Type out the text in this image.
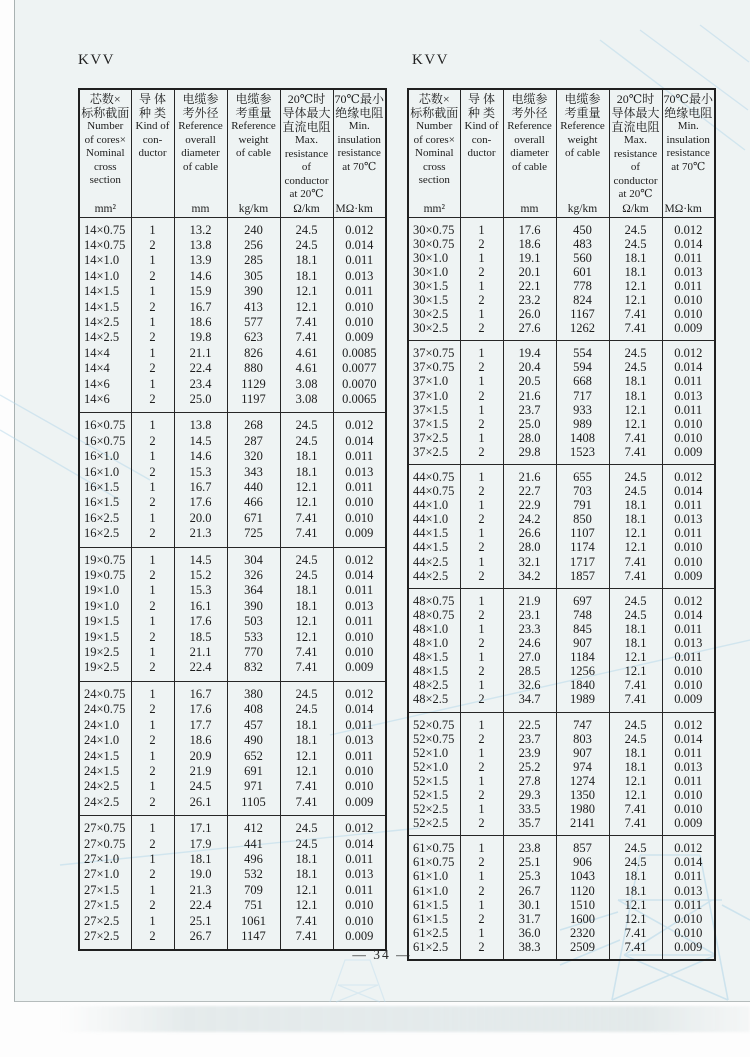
KVV	KVV
芯数×
标称截面
Number
of cores×
Nominal
cross
section
mm²

导 体
种 类
Kind of
con-
ductor

电缆参
考外径
Reference
overall
diameter
of cable
mm

电缆参
考重量
Reference
weight
of cable
kg/km

20℃时
导体最大
直流电阻
Max.
resistance
of
conductor
at 20℃
Ω/km

70℃最小
绝缘电阻
Min.
insulation
resistance
at 70℃
MΩ·km

14×0.75	1	13.2	240	24.5	0.012
14×0.75	2	13.8	256	24.5	0.014
14×1.0	1	13.9	285	18.1	0.011
14×1.0	2	14.6	305	18.1	0.013
14×1.5	1	15.9	390	12.1	0.011
14×1.5	2	16.7	413	12.1	0.010
14×2.5	1	18.6	577	7.41	0.010
14×2.5	2	19.8	623	7.41	0.009
14×4	1	21.1	826	4.61	0.0085
14×4	2	22.4	880	4.61	0.0077
14×6	1	23.4	1129	3.08	0.0070
14×6	2	25.0	1197	3.08	0.0065
16×0.75	1	13.8	268	24.5	0.012
16×0.75	2	14.5	287	24.5	0.014
16×1.0	1	14.6	320	18.1	0.011
16×1.0	2	15.3	343	18.1	0.013
16×1.5	1	16.7	440	12.1	0.011
16×1.5	2	17.6	466	12.1	0.010
16×2.5	1	20.0	671	7.41	0.010
16×2.5	2	21.3	725	7.41	0.009
19×0.75	1	14.5	304	24.5	0.012
19×0.75	2	15.2	326	24.5	0.014
19×1.0	1	15.3	364	18.1	0.011
19×1.0	2	16.1	390	18.1	0.013
19×1.5	1	17.6	503	12.1	0.011
19×1.5	2	18.5	533	12.1	0.010
19×2.5	1	21.1	770	7.41	0.010
19×2.5	2	22.4	832	7.41	0.009
24×0.75	1	16.7	380	24.5	0.012
24×0.75	2	17.6	408	24.5	0.014
24×1.0	1	17.7	457	18.1	0.011
24×1.0	2	18.6	490	18.1	0.013
24×1.5	1	20.9	652	12.1	0.011
24×1.5	2	21.9	691	12.1	0.010
24×2.5	1	24.5	971	7.41	0.010
24×2.5	2	26.1	1105	7.41	0.009
27×0.75	1	17.1	412	24.5	0.012
27×0.75	2	17.9	441	24.5	0.014
27×1.0	1	18.1	496	18.1	0.011
27×1.0	2	19.0	532	18.1	0.013
27×1.5	1	21.3	709	12.1	0.011
27×1.5	2	22.4	751	12.1	0.010
27×2.5	1	25.1	1061	7.41	0.010
27×2.5	2	26.7	1147	7.41	0.009
芯数×
标称截面
Number
of cores×
Nominal
cross
section
mm²

导 体
种 类
Kind of
con-
ductor

电缆参
考外径
Reference
overall
diameter
of cable
mm

电缆参
考重量
Reference
weight
of cable
kg/km

20℃时
导体最大
直流电阻
Max.
resistance
of
conductor
at 20℃
Ω/km

70℃最小
绝缘电阻
Min.
insulation
resistance
at 70℃
MΩ·km

30×0.75	1	17.6	450	24.5	0.012
30×0.75	2	18.6	483	24.5	0.014
30×1.0	1	19.1	560	18.1	0.011
30×1.0	2	20.1	601	18.1	0.013
30×1.5	1	22.1	778	12.1	0.011
30×1.5	2	23.2	824	12.1	0.010
30×2.5	1	26.0	1167	7.41	0.010
30×2.5	2	27.6	1262	7.41	0.009
37×0.75	1	19.4	554	24.5	0.012
37×0.75	2	20.4	594	24.5	0.014
37×1.0	1	20.5	668	18.1	0.011
37×1.0	2	21.6	717	18.1	0.013
37×1.5	1	23.7	933	12.1	0.011
37×1.5	2	25.0	989	12.1	0.010
37×2.5	1	28.0	1408	7.41	0.010
37×2.5	2	29.8	1523	7.41	0.009
44×0.75	1	21.6	655	24.5	0.012
44×0.75	2	22.7	703	24.5	0.014
44×1.0	1	22.9	791	18.1	0.011
44×1.0	2	24.2	850	18.1	0.013
44×1.5	1	26.6	1107	12.1	0.011
44×1.5	2	28.0	1174	12.1	0.010
44×2.5	1	32.1	1717	7.41	0.010
44×2.5	2	34.2	1857	7.41	0.009
48×0.75	1	21.9	697	24.5	0.012
48×0.75	2	23.1	748	24.5	0.014
48×1.0	1	23.3	845	18.1	0.011
48×1.0	2	24.6	907	18.1	0.013
48×1.5	1	27.0	1184	12.1	0.011
48×1.5	2	28.5	1256	12.1	0.010
48×2.5	1	32.6	1840	7.41	0.010
48×2.5	2	34.7	1989	7.41	0.009
52×0.75	1	22.5	747	24.5	0.012
52×0.75	2	23.7	803	24.5	0.014
52×1.0	1	23.9	907	18.1	0.011
52×1.0	2	25.2	974	18.1	0.013
52×1.5	1	27.8	1274	12.1	0.011
52×1.5	2	29.3	1350	12.1	0.010
52×2.5	1	33.5	1980	7.41	0.010
52×2.5	2	35.7	2141	7.41	0.009
61×0.75	1	23.8	857	24.5	0.012
61×0.75	2	25.1	906	24.5	0.014
61×1.0	1	25.3	1043	18.1	0.011
61×1.0	2	26.7	1120	18.1	0.013
61×1.5	1	30.1	1510	12.1	0.011
61×1.5	2	31.7	1600	12.1	0.010
61×2.5	1	36.0	2320	7.41	0.010
61×2.5	2	38.3	2509	7.41	0.009
— 34 —
